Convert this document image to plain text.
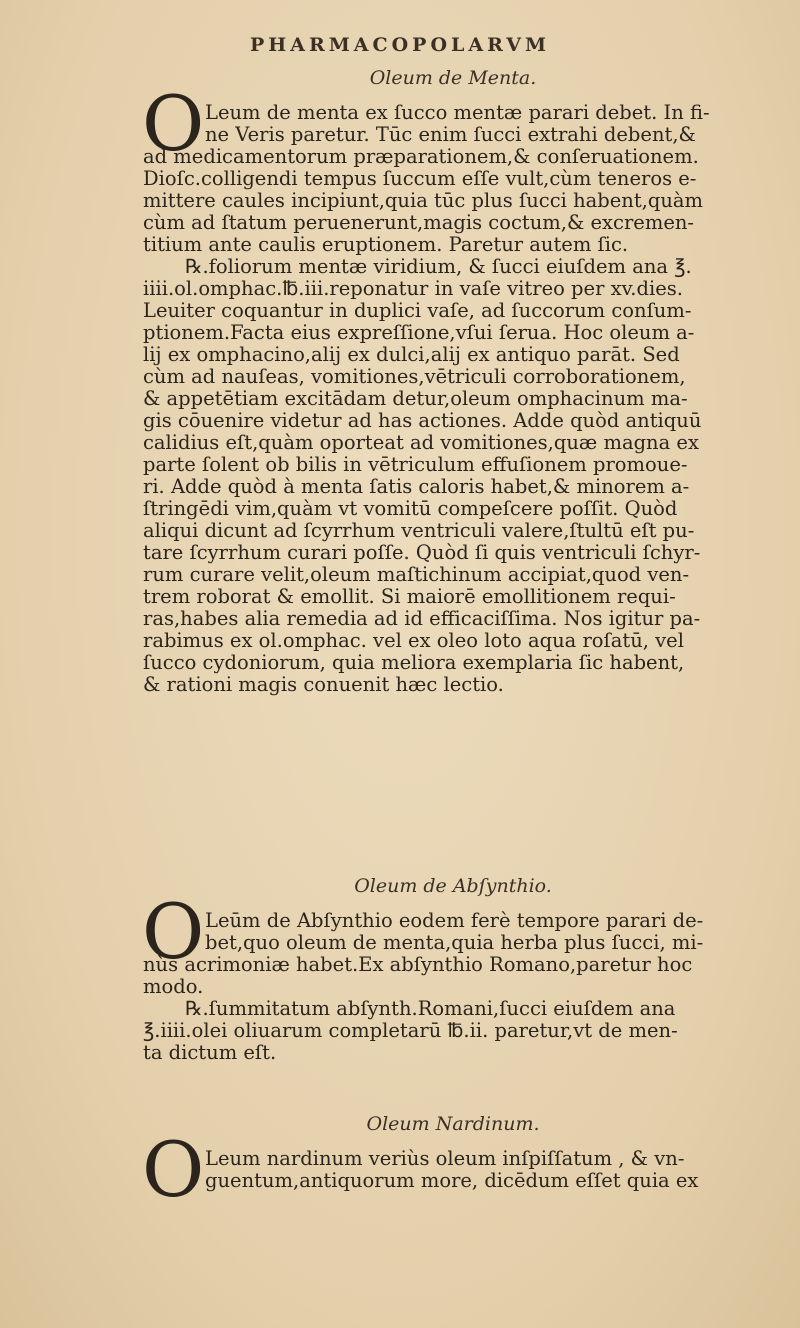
PHARMACOPOLARVM
Oleum de Menta.
O Leum de menta ex ſucco mentæ parari debet. In fi-
ne Veris paretur. Tūc enim ſucci extrahi debent,&
ad medicamentorum præparationem,& conſeruationem.
Dioſc.colligendi tempus ſuccum eſſe vult,cùm teneros e-
mittere caules incipiunt,quia tūc plus ſucci habent,quàm
cùm ad ſtatum peruenerunt,magis coctum,& excremen-
titium ante caulis eruptionem. Paretur autem ſic.
℞.foliorum mentæ viridium, & ſucci eiuſdem ana ℥.
iiii.ol.omphac.℔.iii.reponatur in vaſe vitreo per xv.dies.
Leuiter coquantur in duplici vaſe, ad ſuccorum conſum-
ptionem.Facta eius expreſſione,vſui ſerua. Hoc oleum a-
lij ex omphacino,alij ex dulci,alij ex antiquo parāt. Sed
cùm ad nauſeas, vomitiones,vētriculi corroborationem,
& appetētiam excitādam detur,oleum omphacinum ma-
gis cōuenire videtur ad has actiones. Adde quòd antiquū
calidius eſt,quàm oporteat ad vomitiones,quæ magna ex
parte ſolent ob bilis in vētriculum effuſionem promoue-
ri. Adde quòd à menta ſatis caloris habet,& minorem a-
ſtringēdi vim,quàm vt vomitū compeſcere poſſit. Quòd
aliqui dicunt ad ſcyrrhum ventriculi valere,ſtultū eſt pu-
tare ſcyrrhum curari poſſe. Quòd ſi quis ventriculi ſchyr-
rum curare velit,oleum maſtichinum accipiat,quod ven-
trem roborat & emollit. Si maiorē emollitionem requi-
ras,habes alia remedia ad id efficaciſſima. Nos igitur pa-
rabimus ex ol.omphac. vel ex oleo loto aqua roſatū, vel
ſucco cydoniorum, quia meliora exemplaria ſic habent,
& rationi magis conuenit hæc lectio.
Oleum de Abſynthio.
O Leūm de Abſynthio eodem ferè tempore parari de-
bet,quo oleum de menta,quia herba plus ſucci, mi-
nùs acrimoniæ habet.Ex abſynthio Romano,paretur hoc
modo.
℞.ſummitatum abſynth.Romani,ſucci eiuſdem ana
℥.iiii.olei oliuarum completarū ℔.ii. paretur,vt de men-
ta dictum eſt.
Oleum Nardinum.
O Leum nardinum veriùs oleum inſpiſſatum , & vn-
guentum,antiquorum more, dicēdum eſſet quia ex
